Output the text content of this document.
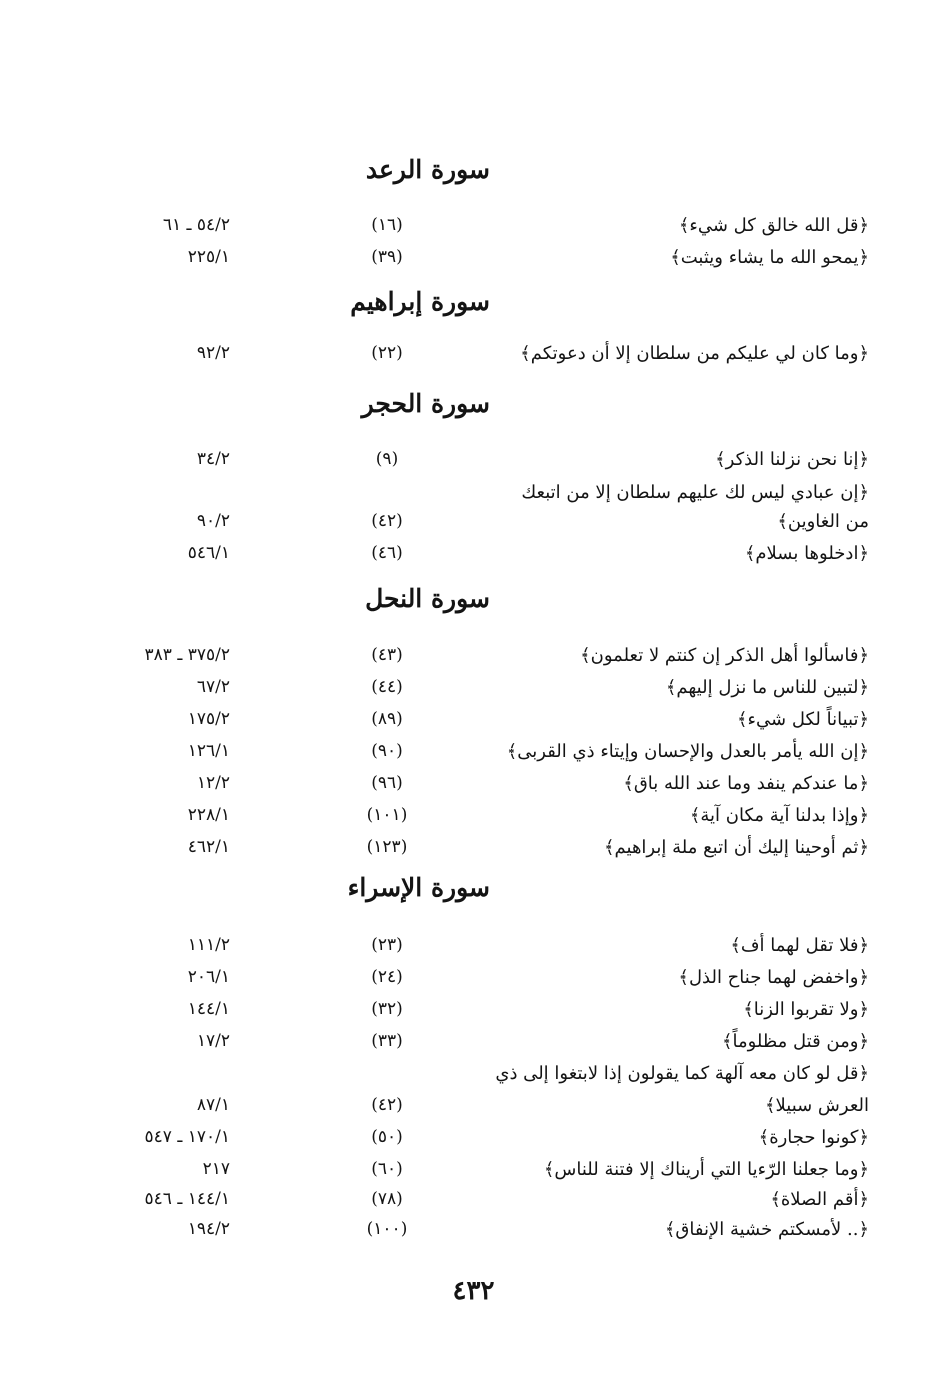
سورة الرعد
﴿قل الله خالق كل شيء﴾
(١٦)
٥٤/٢ ـ ٦١
﴿يمحو الله ما يشاء ويثبت﴾
(٣٩)
٢٢٥/١
سورة إبراهيم
﴿وما كان لي عليكم من سلطان إلا أن دعوتكم﴾
(٢٢)
٩٢/٢
سورة الحجر
﴿إنا نحن نزلنا الذكر﴾
(٩)
٣٤/٢
﴿إن عبادي ليس لك عليهم سلطان إلا من اتبعك
من الغاوين﴾
(٤٢)
٩٠/٢
﴿ادخلوها بسلام﴾
(٤٦)
٥٤٦/١
سورة النحل
﴿فاسألوا أهل الذكر إن كنتم لا تعلمون﴾
(٤٣)
٣٧٥/٢ ـ ٣٨٣
﴿لتبين للناس ما نزل إليهم﴾
(٤٤)
٦٧/٢
﴿تبياناً لكل شيء﴾
(٨٩)
١٧٥/٢
﴿إن الله يأمر بالعدل والإحسان وإيتاء ذي القربى﴾
(٩٠)
١٢٦/١
﴿ما عندكم ينفد وما عند الله باق﴾
(٩٦)
١٢/٢
﴿وإذا بدلنا آية مكان آية﴾
(١٠١)
٢٢٨/١
﴿ثم أوحينا إليك أن اتبع ملة إبراهيم﴾
(١٢٣)
٤٦٢/١
سورة الإسراء
﴿فلا تقل لهما أف﴾
(٢٣)
١١١/٢
﴿واخفض لهما جناح الذل﴾
(٢٤)
٢٠٦/١
﴿ولا تقربوا الزنا﴾
(٣٢)
١٤٤/١
﴿ومن قتل مظلوماً﴾
(٣٣)
١٧/٢
﴿قل لو كان معه آلهة كما يقولون إذا لابتغوا إلى ذي
العرش سبيلا﴾
(٤٢)
٨٧/١
﴿كونوا حجارة﴾
(٥٠)
١٧٠/١ ـ ٥٤٧
﴿وما جعلنا الرّءيا التي أريناك إلا فتنة للناس﴾
(٦٠)
٢١٧
﴿أقم الصلاة﴾
(٧٨)
١٤٤/١ ـ ٥٤٦
﴿.. لأمسكتم خشية الإنفاق﴾
(١٠٠)
١٩٤/٢
٤٣٢
